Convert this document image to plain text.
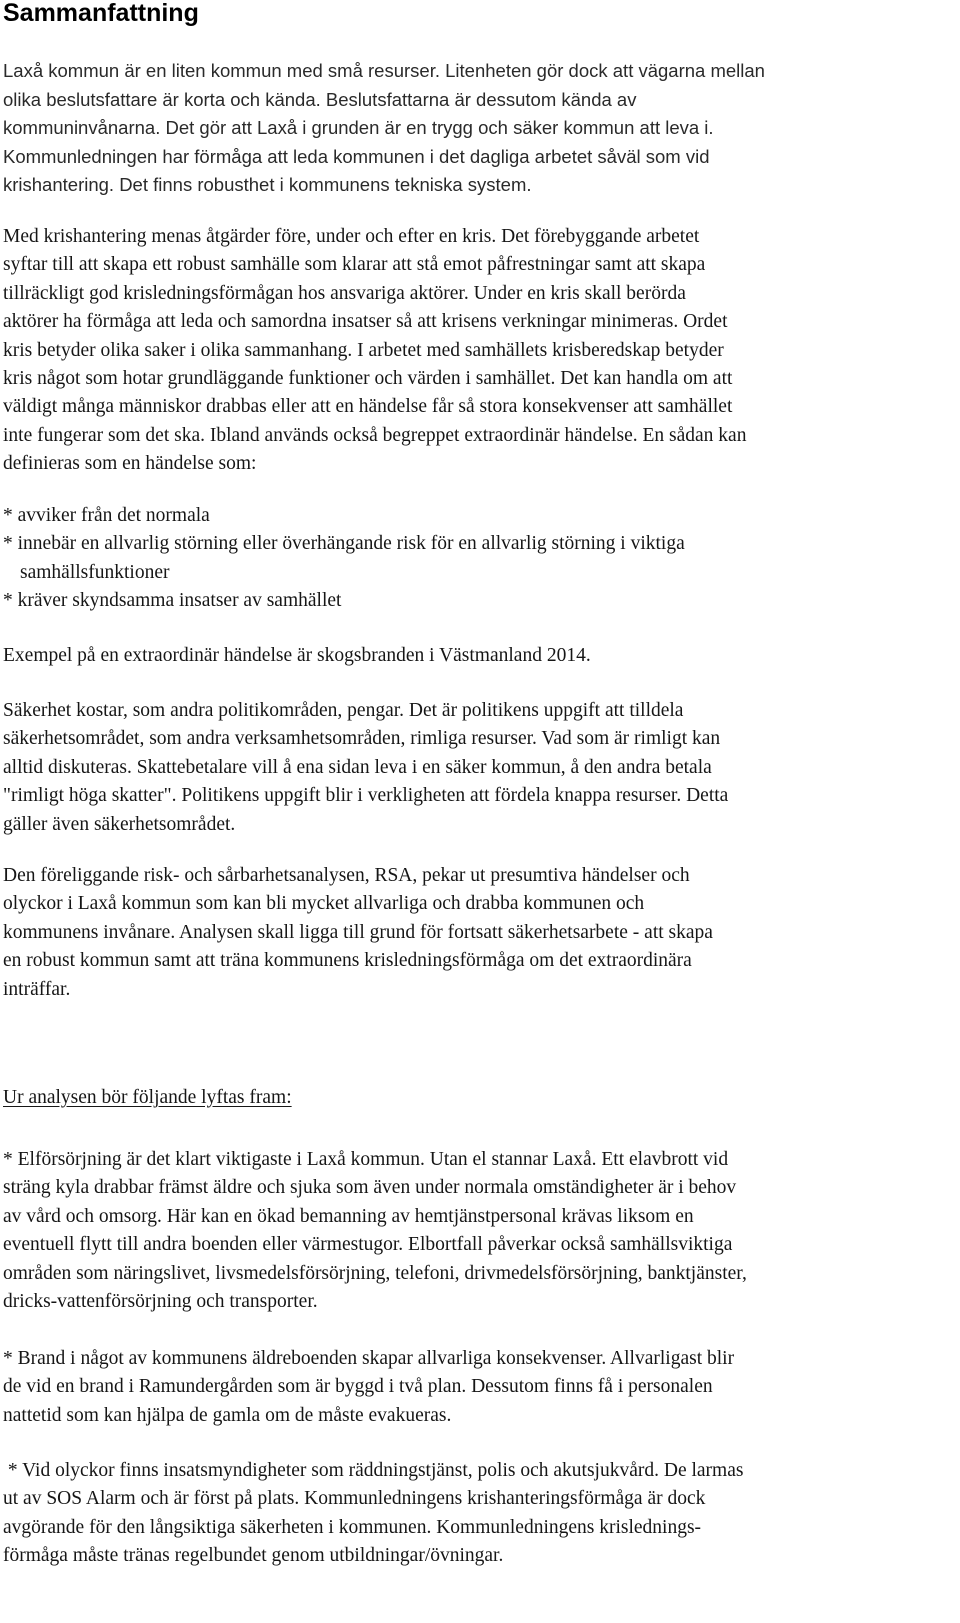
Sammanfattning
Laxå kommun är en liten kommun med små resurser. Litenheten gör dock att vägarna mellan
olika beslutsfattare är korta och kända. Beslutsfattarna är dessutom kända av
kommuninvånarna. Det gör att Laxå i grunden är en trygg och säker kommun att leva i.
Kommunledningen har förmåga att leda kommunen i det dagliga arbetet såväl som vid
krishantering. Det finns robusthet i kommunens tekniska system.
Med krishantering menas åtgärder före, under och efter en kris. Det förebyggande arbetet
syftar till att skapa ett robust samhälle som klarar att stå emot påfrestningar samt att skapa
tillräckligt god krisledningsförmågan hos ansvariga aktörer. Under en kris skall berörda
aktörer ha förmåga att leda och samordna insatser så att krisens verkningar minimeras. Ordet
kris betyder olika saker i olika sammanhang. I arbetet med samhällets krisberedskap betyder
kris något som hotar grundläggande funktioner och värden i samhället. Det kan handla om att
väldigt många människor drabbas eller att en händelse får så stora konsekvenser att samhället
inte fungerar som det ska. Ibland används också begreppet extraordinär händelse. En sådan kan
definieras som en händelse som:
* avviker från det normala
* innebär en allvarlig störning eller överhängande risk för en allvarlig störning i viktiga
samhällsfunktioner
* kräver skyndsamma insatser av samhället
Exempel på en extraordinär händelse är skogsbranden i Västmanland 2014.
Säkerhet kostar, som andra politikområden, pengar. Det är politikens uppgift att tilldela
säkerhetsområdet, som andra verksamhetsområden, rimliga resurser. Vad som är rimligt kan
alltid diskuteras. Skattebetalare vill å ena sidan leva i en säker kommun, å den andra betala
"rimligt höga skatter". Politikens uppgift blir i verkligheten att fördela knappa resurser. Detta
gäller även säkerhetsområdet.
Den föreliggande risk- och sårbarhetsanalysen, RSA, pekar ut presumtiva händelser och
olyckor i Laxå kommun som kan bli mycket allvarliga och drabba kommunen och
kommunens invånare. Analysen skall ligga till grund för fortsatt säkerhetsarbete - att skapa
en robust kommun samt att träna kommunens krisledningsförmåga om det extraordinära
inträffar.
Ur analysen bör följande lyftas fram:
* Elförsörjning är det klart viktigaste i Laxå kommun. Utan el stannar Laxå. Ett elavbrott vid
sträng kyla drabbar främst äldre och sjuka som även under normala omständigheter är i behov
av vård och omsorg. Här kan en ökad bemanning av hemtjänstpersonal krävas liksom en
eventuell flytt till andra boenden eller värmestugor. Elbortfall påverkar också samhällsviktiga
områden som näringslivet, livsmedelsförsörjning, telefoni, drivmedelsförsörjning, banktjänster,
dricks-vattenförsörjning och transporter.
* Brand i något av kommunens äldreboenden skapar allvarliga konsekvenser. Allvarligast blir
de vid en brand i Ramundergården som är byggd i två plan. Dessutom finns få i personalen
nattetid som kan hjälpa de gamla om de måste evakueras.
* Vid olyckor finns insatsmyndigheter som räddningstjänst, polis och akutsjukvård. De larmas
ut av SOS Alarm och är först på plats. Kommunledningens krishanteringsförmåga är dock
avgörande för den långsiktiga säkerheten i kommunen. Kommunledningens krislednings-
förmåga måste tränas regelbundet genom utbildningar/övningar.
